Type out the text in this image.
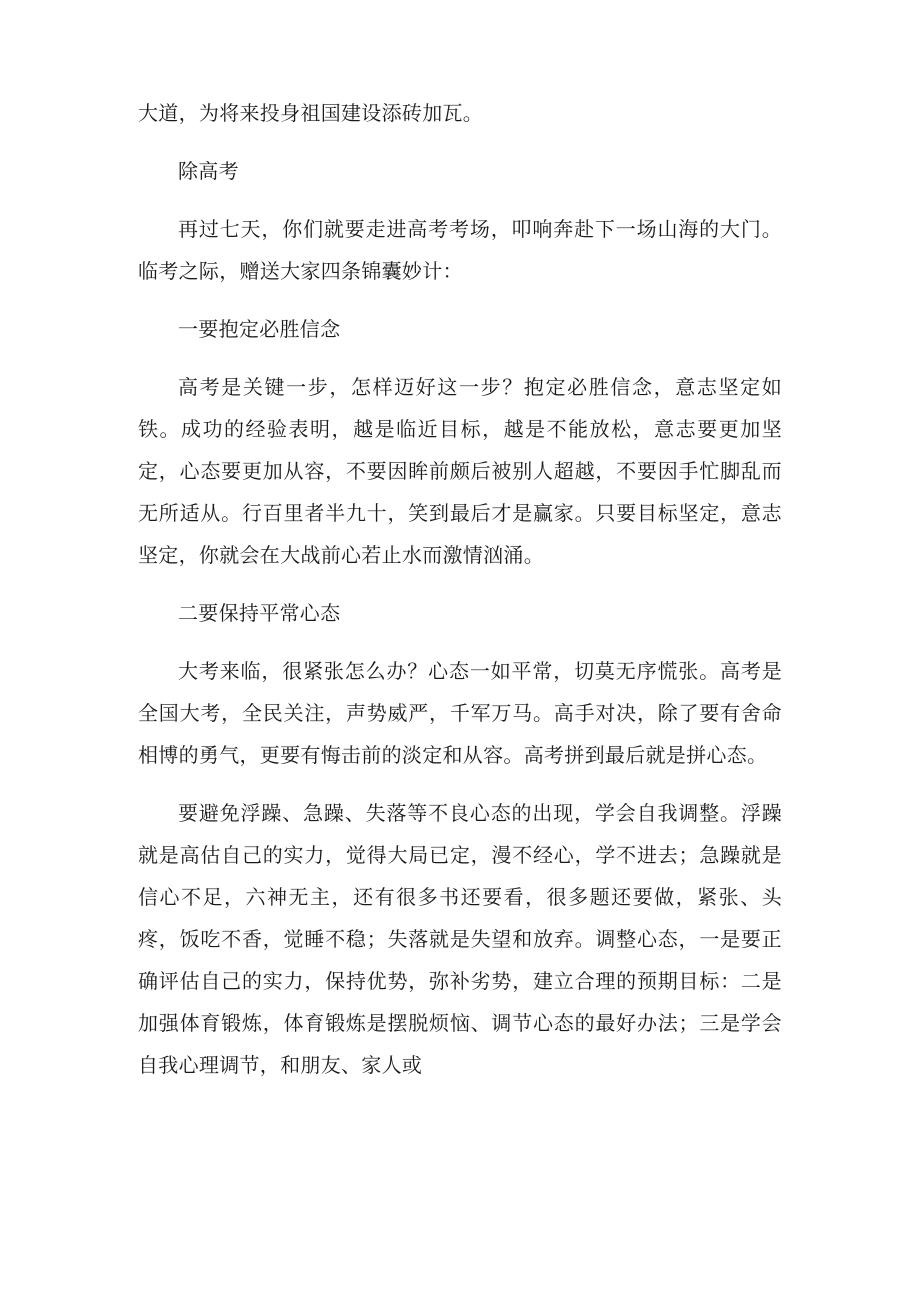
大道，为将来投身祖国建设添砖加瓦。

除高考

再过七天，你们就要走进高考考场，叩响奔赴下一场山海的大门。临考之际，赠送大家四条锦囊妙计：

一要抱定必胜信念

高考是关键一步，怎样迈好这一步？抱定必胜信念，意志坚定如铁。成功的经验表明，越是临近目标，越是不能放松，意志要更加坚定，心态要更加从容，不要因眸前颇后被别人超越，不要因手忙脚乱而无所适从。行百里者半九十，笑到最后才是赢家。只要目标坚定，意志坚定，你就会在大战前心若止水而激情汹涌。

二要保持平常心态

大考来临，很紧张怎么办？心态一如平常，切莫无序慌张。高考是全国大考，全民关注，声势威严，千军万马。高手对决，除了要有舍命相博的勇气，更要有悔击前的淡定和从容。高考拼到最后就是拼心态。

要避免浮躁、急躁、失落等不良心态的出现，学会自我调整。浮躁就是高估自己的实力，觉得大局已定，漫不经心，学不进去；急躁就是信心不足，六神无主，还有很多书还要看，很多题还要做，紧张、头疼，饭吃不香，觉睡不稳；失落就是失望和放弃。调整心态，一是要正确评估自己的实力，保持优势，弥补劣势，建立合理的预期目标：二是加强体育锻炼，体育锻炼是摆脱烦恼、调节心态的最好办法；三是学会自我心理调节，和朋友、家人或
